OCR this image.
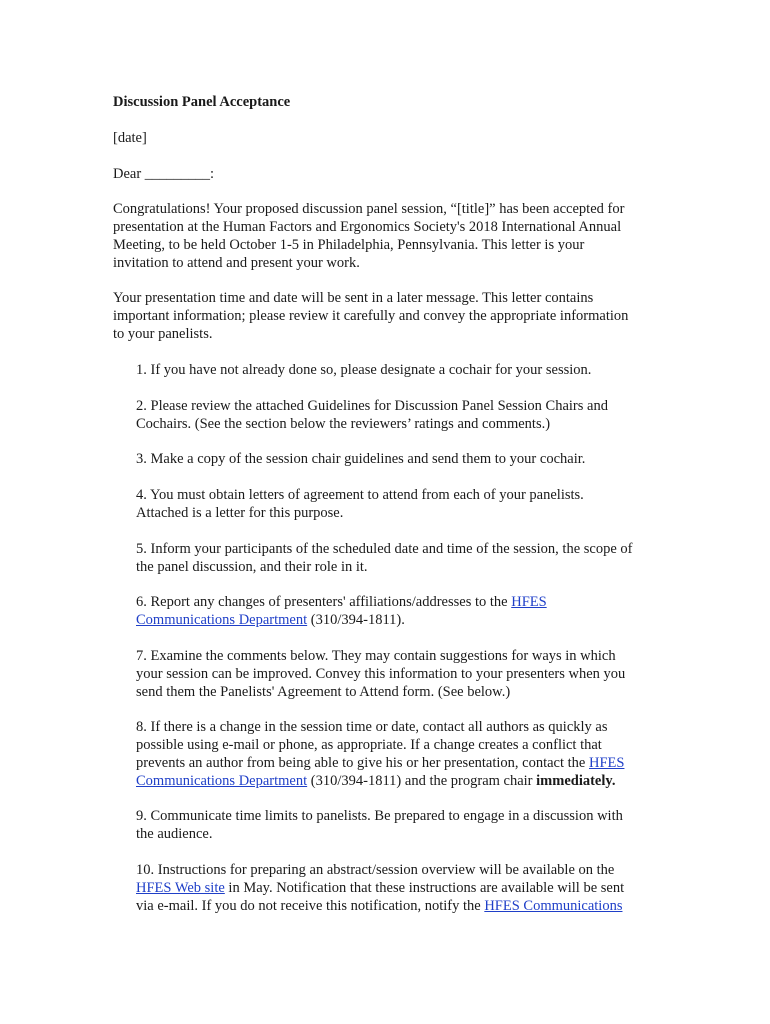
Discussion Panel Acceptance
[date]
Dear _________:
Congratulations! Your proposed discussion panel session, “[title]” has been accepted for
presentation at the Human Factors and Ergonomics Society's 2018 International Annual
Meeting, to be held October 1-5 in Philadelphia, Pennsylvania. This letter is your
invitation to attend and present your work.
Your presentation time and date will be sent in a later message. This letter contains
important information; please review it carefully and convey the appropriate information
to your panelists.
1. If you have not already done so, please designate a cochair for your session.
2. Please review the attached Guidelines for Discussion Panel Session Chairs and
Cochairs. (See the section below the reviewers’ ratings and comments.)
3. Make a copy of the session chair guidelines and send them to your cochair.
4. You must obtain letters of agreement to attend from each of your panelists.
Attached is a letter for this purpose.
5. Inform your participants of the scheduled date and time of the session, the scope of
the panel discussion, and their role in it.
6. Report any changes of presenters' affiliations/addresses to the HFES
Communications Department (310/394-1811).
7. Examine the comments below. They may contain suggestions for ways in which
your session can be improved. Convey this information to your presenters when you
send them the Panelists' Agreement to Attend form. (See below.)
8. If there is a change in the session time or date, contact all authors as quickly as
possible using e-mail or phone, as appropriate. If a change creates a conflict that
prevents an author from being able to give his or her presentation, contact the HFES
Communications Department (310/394-1811) and the program chair immediately.
9. Communicate time limits to panelists. Be prepared to engage in a discussion with
the audience.
10. Instructions for preparing an abstract/session overview will be available on the
HFES Web site in May. Notification that these instructions are available will be sent
via e-mail. If you do not receive this notification, notify the HFES Communications
